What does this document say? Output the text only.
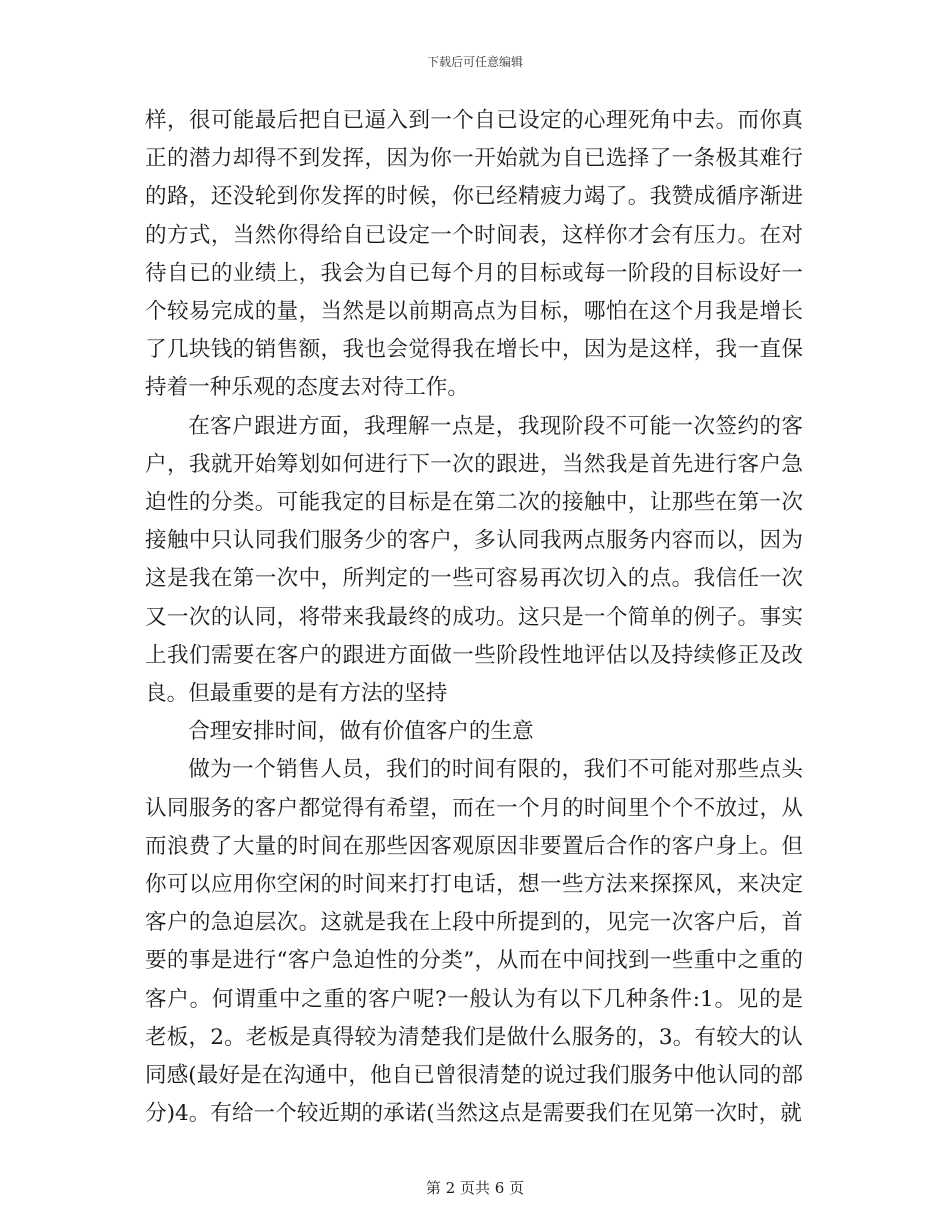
下载后可任意编辑

样，很可能最后把自已逼入到一个自已设定的心理死角中去。而你真正的潜力却得不到发挥，因为你一开始就为自已选择了一条极其难行的路，还没轮到你发挥的时候，你已经精疲力竭了。我赞成循序渐进的方式，当然你得给自已设定一个时间表，这样你才会有压力。在对待自已的业绩上，我会为自已每个月的目标或每一阶段的目标设好一个较易完成的量，当然是以前期高点为目标，哪怕在这个月我是增长了几块钱的销售额，我也会觉得我在增长中，因为是这样，我一直保持着一种乐观的态度去对待工作。

在客户跟进方面，我理解一点是，我现阶段不可能一次签约的客户，我就开始筹划如何进行下一次的跟进，当然我是首先进行客户急迫性的分类。可能我定的目标是在第二次的接触中，让那些在第一次接触中只认同我们服务少的客户，多认同我两点服务内容而以，因为这是我在第一次中，所判定的一些可容易再次切入的点。我信任一次又一次的认同，将带来我最终的成功。这只是一个简单的例子。事实上我们需要在客户的跟进方面做一些阶段性地评估以及持续修正及改良。但最重要的是有方法的坚持

合理安排时间，做有价值客户的生意

做为一个销售人员，我们的时间有限的，我们不可能对那些点头认同服务的客户都觉得有希望，而在一个月的时间里个个不放过，从而浪费了大量的时间在那些因客观原因非要置后合作的客户身上。但你可以应用你空闲的时间来打打电话，想一些方法来探探风，来决定客户的急迫层次。这就是我在上段中所提到的，见完一次客户后，首要的事是进行“客户急迫性的分类”，从而在中间找到一些重中之重的客户。何谓重中之重的客户呢?一般认为有以下几种条件:1。见的是老板，2。老板是真得较为清楚我们是做什么服务的，3。有较大的认同感(最好是在沟通中，他自已曾很清楚的说过我们服务中他认同的部分)4。有给一个较近期的承诺(当然这点是需要我们在见第一次时，就

第 2 页共 6 页
